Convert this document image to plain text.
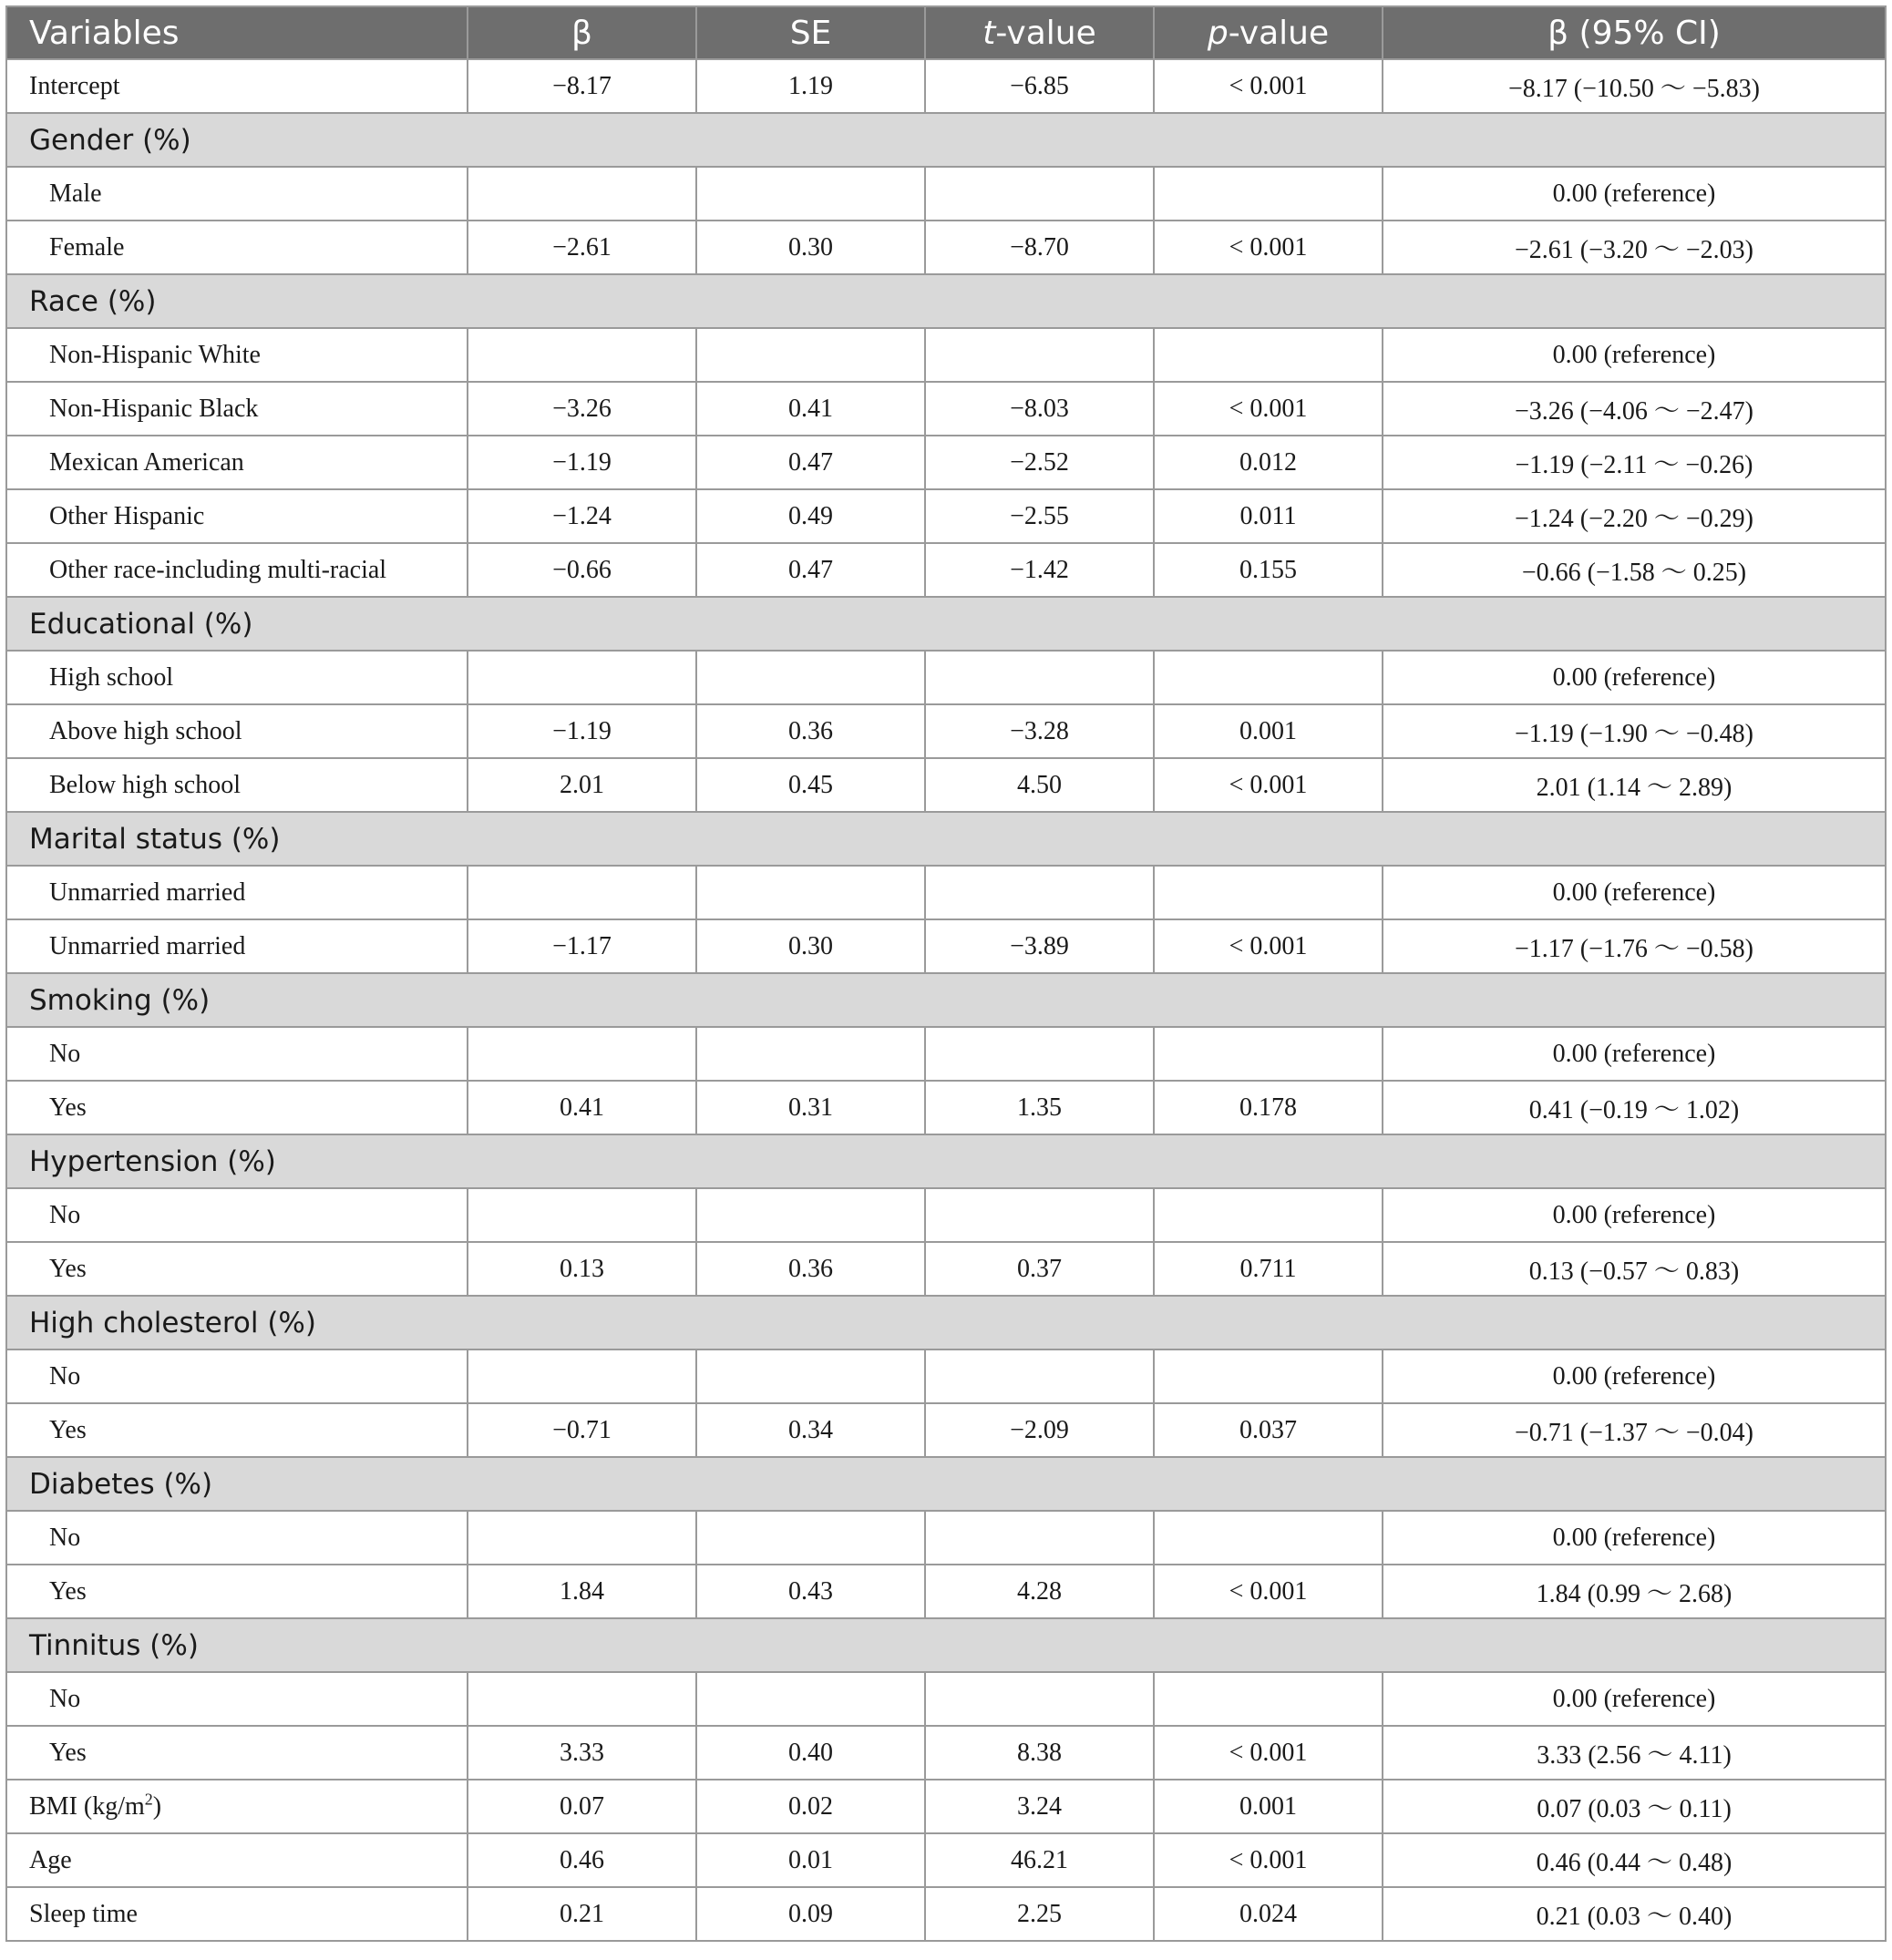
Variables	β	SE	t-value	p-value	β (95% CI)
Intercept	−8.17	1.19	−6.85	< 0.001	−8.17 (−10.50 ～ −5.83)
Gender (%)					
Male					0.00 (reference)
Female	−2.61	0.30	−8.70	< 0.001	−2.61 (−3.20 ～ −2.03)
Race (%)					
Non-Hispanic White					0.00 (reference)
Non-Hispanic Black	−3.26	0.41	−8.03	< 0.001	−3.26 (−4.06 ～ −2.47)
Mexican American	−1.19	0.47	−2.52	0.012	−1.19 (−2.11 ～ −0.26)
Other Hispanic	−1.24	0.49	−2.55	0.011	−1.24 (−2.20 ～ −0.29)
Other race-including multi-racial	−0.66	0.47	−1.42	0.155	−0.66 (−1.58 ～ 0.25)
Educational (%)					
High school					0.00 (reference)
Above high school	−1.19	0.36	−3.28	0.001	−1.19 (−1.90 ～ −0.48)
Below high school	2.01	0.45	4.50	< 0.001	2.01 (1.14 ～ 2.89)
Marital status (%)					
Unmarried married					0.00 (reference)
Unmarried married	−1.17	0.30	−3.89	< 0.001	−1.17 (−1.76 ～ −0.58)
Smoking (%)					
No					0.00 (reference)
Yes	0.41	0.31	1.35	0.178	0.41 (−0.19 ～ 1.02)
Hypertension (%)					
No					0.00 (reference)
Yes	0.13	0.36	0.37	0.711	0.13 (−0.57 ～ 0.83)
High cholesterol (%)					
No					0.00 (reference)
Yes	−0.71	0.34	−2.09	0.037	−0.71 (−1.37 ～ −0.04)
Diabetes (%)					
No					0.00 (reference)
Yes	1.84	0.43	4.28	< 0.001	1.84 (0.99 ～ 2.68)
Tinnitus (%)					
No					0.00 (reference)
Yes	3.33	0.40	8.38	< 0.001	3.33 (2.56 ～ 4.11)
BMI $(kg/m^2)$	0.07	0.02	3.24	0.001	0.07 (0.03 ～ 0.11)
Age	0.46	0.01	46.21	< 0.001	0.46 (0.44 ～ 0.48)
Sleep time	0.21	0.09	2.25	0.024	0.21 (0.03 ～ 0.40)
